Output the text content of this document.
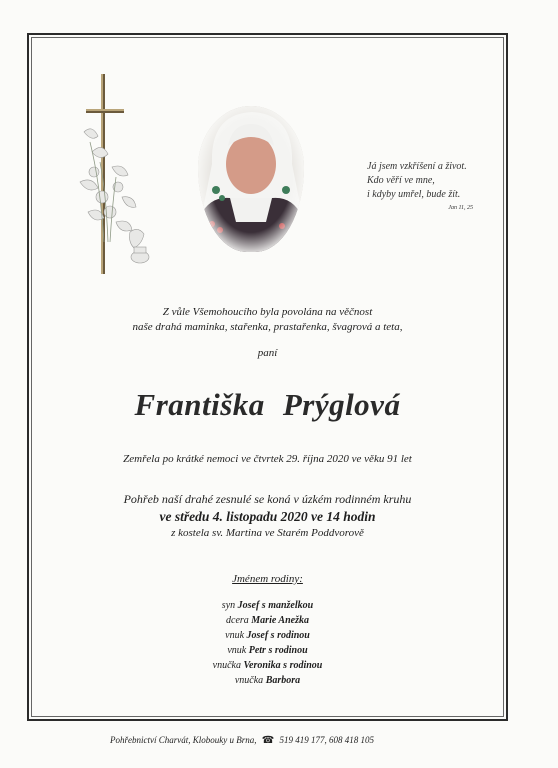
Já jsem vzkříšení a život.
Kdo věří ve mne,
i kdyby umřel, bude žít.
Jan 11, 25
Z vůle Všemohoucího byla povolána na věčnost
naše drahá maminka, stařenka, prastařenka, švagrová a teta,
paní
Františka Prýglová
Zemřela po krátké nemoci ve čtvrtek 29. října 2020 ve věku 91 let
Pohřeb naší drahé zesnulé se koná v úzkém rodinném kruhu
ve středu 4. listopadu 2020 ve 14 hodin
z kostela sv. Martina ve Starém Poddvorově
Jménem rodiny:
syn Josef s manželkou
dcera Marie Anežka
vnuk Josef s rodinou
vnuk Petr s rodinou
vnučka Veronika s rodinou
vnučka Barbora
Pohřebnictví Charvát, Klobouky u Brna, ☎ 519 419 177, 608 418 105
